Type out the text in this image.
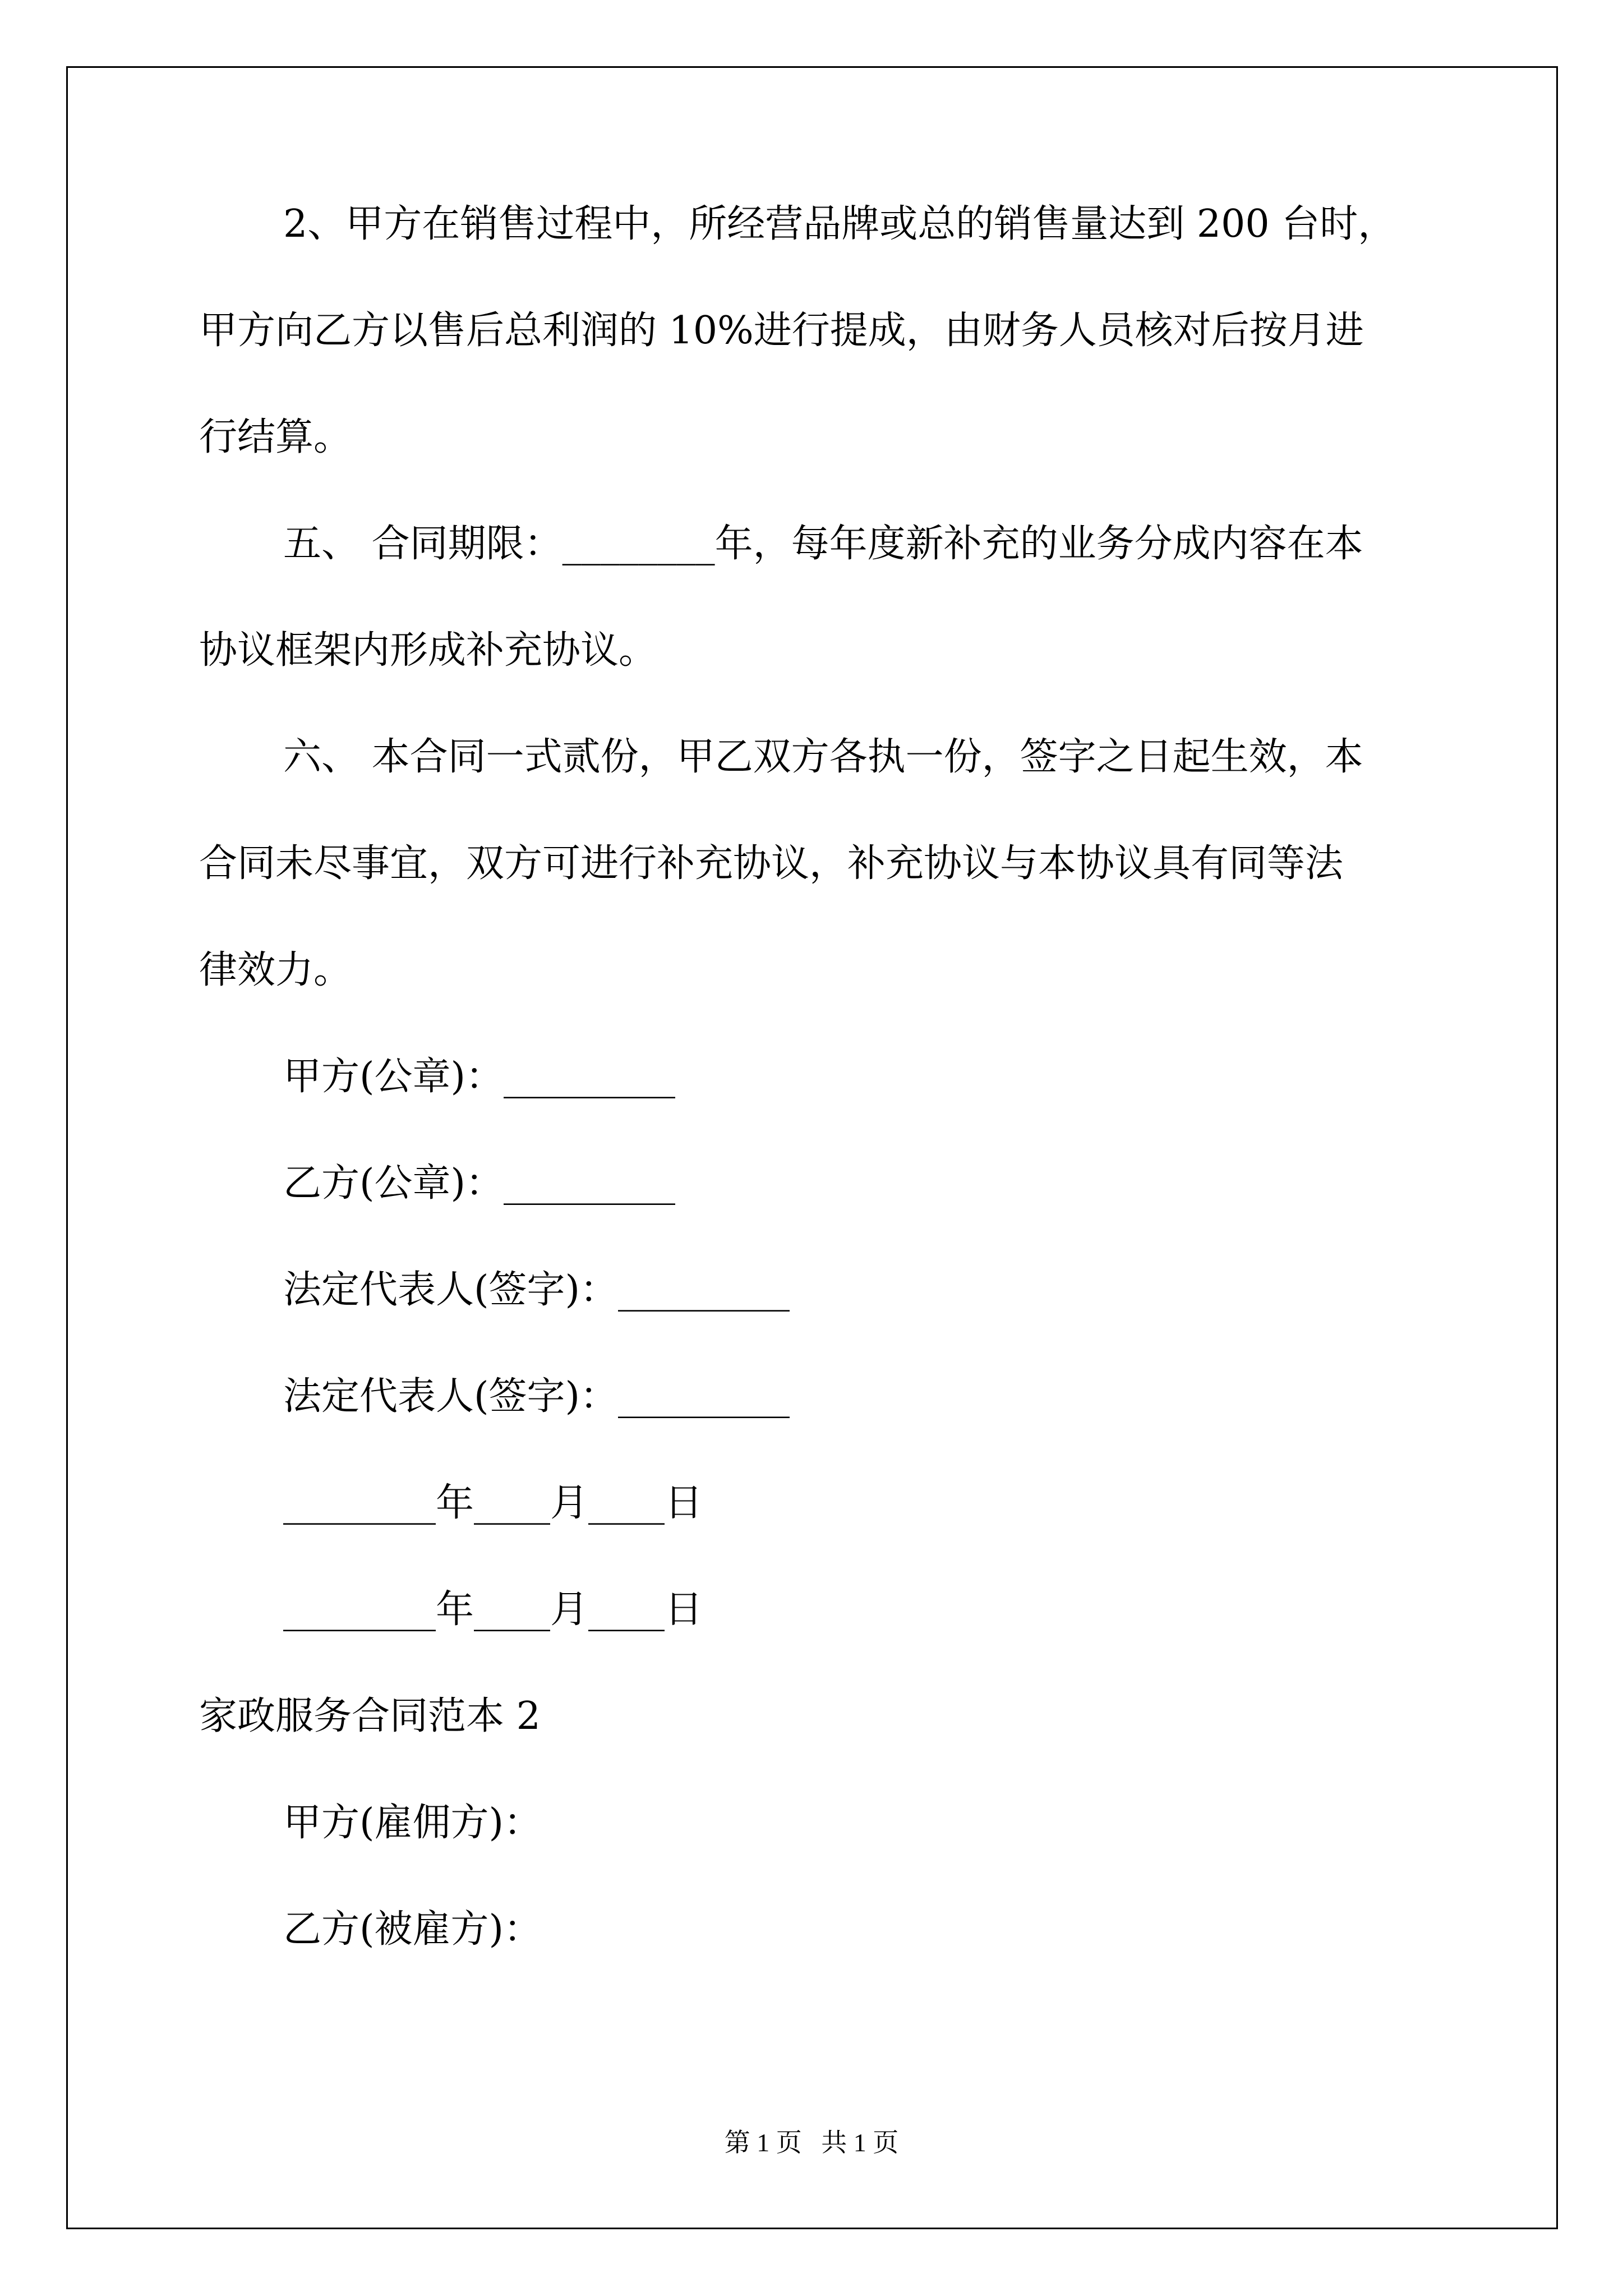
2、甲方在销售过程中，所经营品牌或总的销售量达到 200 台时，
甲方向乙方以售后总利润的 10%进行提成，由财务人员核对后按月进
行结算。
五、 合同期限：________年，每年度新补充的业务分成内容在本
协议框架内形成补充协议。
六、 本合同一式贰份，甲乙双方各执一份，签字之日起生效，本
合同未尽事宜，双方可进行补充协议，补充协议与本协议具有同等法
律效力。
甲方(公章)：_________
乙方(公章)：_________
法定代表人(签字)：_________
法定代表人(签字)：_________
________年____月____日
________年____月____日
家政服务合同范本 2
甲方(雇佣方)：
乙方(被雇方)：
第 1 页   共 1 页
